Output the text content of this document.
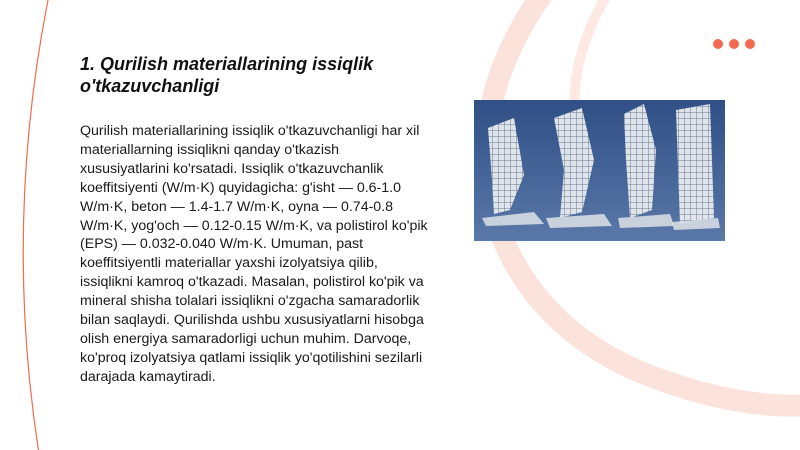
1. Qurilish materiallarining issiqlik o'tkazuvchanligi

Qurilish materiallarining issiqlik o'tkazuvchanligi har xil materiallarning issiqlikni qanday o'tkazish xususiyatlarini ko'rsatadi. Issiqlik o'tkazuvchanlik koeffitsiyenti (W/m·K) quyidagicha: g'isht — 0.6-1.0 W/m·K, beton — 1.4-1.7 W/m·K, oyna — 0.74-0.8 W/m·K, yog'och — 0.12-0.15 W/m·K, va polistirol ko'pik (EPS) — 0.032-0.040 W/m·K. Umuman, past koeffitsiyentli materiallar yaxshi izolyatsiya qilib, issiqlikni kamroq o'tkazadi. Masalan, polistirol ko'pik va mineral shisha tolalari issiqlikni o'zgacha samaradorlik bilan saqlaydi. Qurilishda ushbu xususiyatlarni hisobga olish energiya samaradorligi uchun muhim. Darvoqe, ko'proq izolyatsiya qatlami issiqlik yo'qotilishini sezilarli darajada kamaytiradi.
